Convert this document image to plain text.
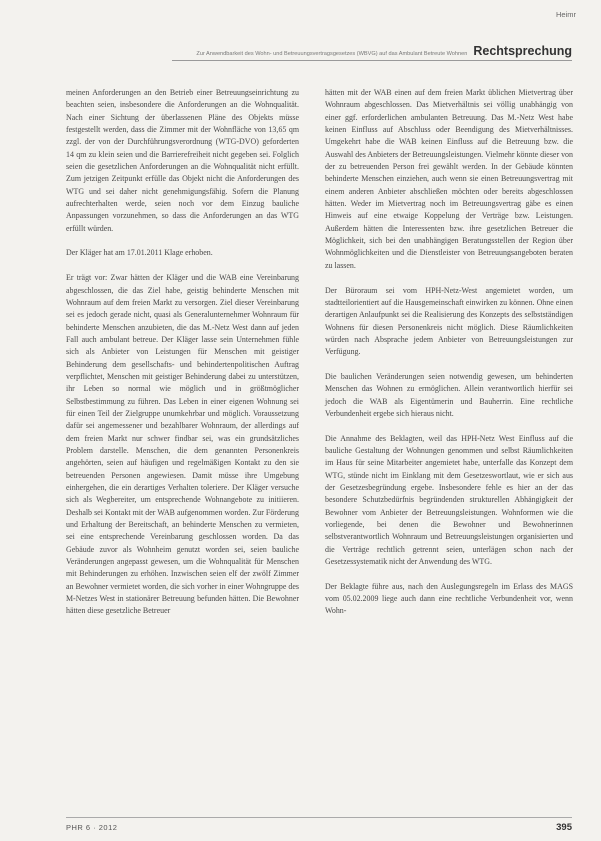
Heimr
Zur Anwendbarkeit des Wohn- und Betreuungsvertragsgesetzes (WBVG) auf das Ambulant Betreute Wohnen Rechtsprechung

meinen Anforderungen an den Betrieb einer Betreuungseinrichtung zu beachten seien, insbesondere die Anforderungen an die Wohnqualität. Nach einer Sichtung der überlassenen Pläne des Objekts müsse festgestellt werden, dass die Zimmer mit der Wohnfläche von 13,65 qm zzgl. der von der Durchführungsverordnung (WTG-DVO) geforderten 14 qm zu klein seien und die Barrierefreiheit nicht gegeben sei. Folglich seien die gesetzlichen Anforderungen an die Wohnqualität nicht erfüllt. Zum jetzigen Zeitpunkt erfülle das Objekt nicht die Anforderungen des WTG und sei daher nicht genehmigungsfähig. Sofern die Planung aufrechterhalten werde, seien noch vor dem Einzug bauliche Anpassungen vorzunehmen, so dass die Anforderungen an das WTG erfüllt würden.

Der Kläger hat am 17.01.2011 Klage erhoben.

Er trägt vor: Zwar hätten der Kläger und die WAB eine Vereinbarung abgeschlossen, die das Ziel habe, geistig behinderte Menschen mit Wohnraum auf dem freien Markt zu versorgen. Ziel dieser Vereinbarung sei es jedoch gerade nicht, quasi als Generalunternehmer Wohnraum für behinderte Menschen anzubieten, die das M.-Netz West dann auf jeden Fall auch ambulant betreue. Der Kläger lasse sein Unternehmen fühle sich als Anbieter von Leistungen für Menschen mit geistiger Behinderung dem gesellschafts- und behindertenpolitischen Auftrag verpflichtet, Menschen mit geistiger Behinderung dabei zu unterstützen, ihr Leben so normal wie möglich und in größtmöglicher Selbstbestimmung zu führen. Das Leben in einer eigenen Wohnung sei für einen Teil der Zielgruppe unumkehrbar und möglich. Voraussetzung dafür sei angemessener und bezahlbarer Wohnraum, der allerdings auf dem freien Markt nur schwer findbar sei, was ein grundsätzliches Problem darstelle. Menschen, die dem genannten Personenkreis angehörten, seien auf häufigen und regelmäßigen Kontakt zu den sie betreuenden Personen angewiesen. Damit müsse ihre Umgebung einhergehen, die ein derartiges Verhalten toleriere. Der Kläger versuche sich als Wegbereiter, um entsprechende Wohnangebote zu initiieren. Deshalb sei Kontakt mit der WAB aufgenommen worden. Zur Förderung und Erhaltung der Bereitschaft, an behinderte Menschen zu vermieten, sei eine entsprechende Vereinbarung geschlossen worden. Da das Gebäude zuvor als Wohnheim genutzt worden sei, seien bauliche Veränderungen angepasst gewesen, um die Wohnqualität für Menschen mit Behinderungen zu erhöhen. Inzwischen seien elf der zwölf Zimmer an Bewohner vermietet worden, die sich vorher in einer Wohngruppe des M-Netzes West in stationärer Betreuung befunden hätten. Die Bewohner hätten diese gesetzliche Betreuer

hätten mit der WAB einen auf dem freien Markt üblichen Mietvertrag über Wohnraum abgeschlossen. Das Mietverhältnis sei völlig unabhängig von einer ggf. erforderlichen ambulanten Betreuung. Das M.-Netz West habe keinen Einfluss auf Abschluss oder Beendigung des Mietverhältnisses. Umgekehrt habe die WAB keinen Einfluss auf die Betreuung bzw. die Auswahl des Anbieters der Betreuungsleistungen. Vielmehr könnte dieser von der zu betreuenden Person frei gewählt werden. In der Gebäude könnten behinderte Menschen einziehen, auch wenn sie einen Betreuungsvertrag mit einem anderen Anbieter abschließen möchten oder bereits abgeschlossen hätten. Weder im Mietvertrag noch im Betreuungsvertrag gäbe es einen Hinweis auf eine etwaige Koppelung der Verträge bzw. Leistungen. Außerdem hätten die Interessenten bzw. ihre gesetzlichen Betreuer die Möglichkeit, sich bei den unabhängigen Beratungsstellen der Region über Wohnmöglichkeiten und die Dienstleister von Betreuungsangeboten beraten zu lassen.

Der Büroraum sei vom HPH-Netz-West angemietet worden, um stadtteilorientiert auf die Hausgemeinschaft einwirken zu können. Ohne einen derartigen Anlaufpunkt sei die Realisierung des Konzepts des selbstständigen Wohnens für diesen Personenkreis nicht möglich. Diese Räumlichkeiten würden nach Absprache jedem Anbieter von Betreuungsleistungen zur Verfügung.

Die baulichen Veränderungen seien notwendig gewesen, um behinderten Menschen das Wohnen zu ermöglichen. Allein verantwortlich hierfür sei jedoch die WAB als Eigentümerin und Bauherrin. Eine rechtliche Verbundenheit ergebe sich hieraus nicht.

Die Annahme des Beklagten, weil das HPH-Netz West Einfluss auf die bauliche Gestaltung der Wohnungen genommen und selbst Räumlichkeiten im Haus für seine Mitarbeiter angemietet habe, unterfalle das Konzept dem WTG, stünde nicht im Einklang mit dem Gesetzeswortlaut, wie er sich aus der Gesetzesbegründung ergebe. Insbesondere fehle es hier an der das besondere Schutzbedürfnis begründenden strukturellen Abhängigkeit der Bewohner vom Anbieter der Betreuungsleistungen. Wohnformen wie die vorliegende, bei denen die Bewohner und Bewohnerinnen selbstverantwortlich Wohnraum und Betreuungsleistungen organisierten und die Verträge rechtlich getrennt seien, unterlägen schon nach der Gesetzessystematik nicht der Anwendung des WTG.

Der Beklagte führe aus, nach den Auslegungsregeln im Erlass des MAGS vom 05.02.2009 liege auch dann eine rechtliche Verbundenheit vor, wenn Wohn-

PHR 6 · 2012	395
